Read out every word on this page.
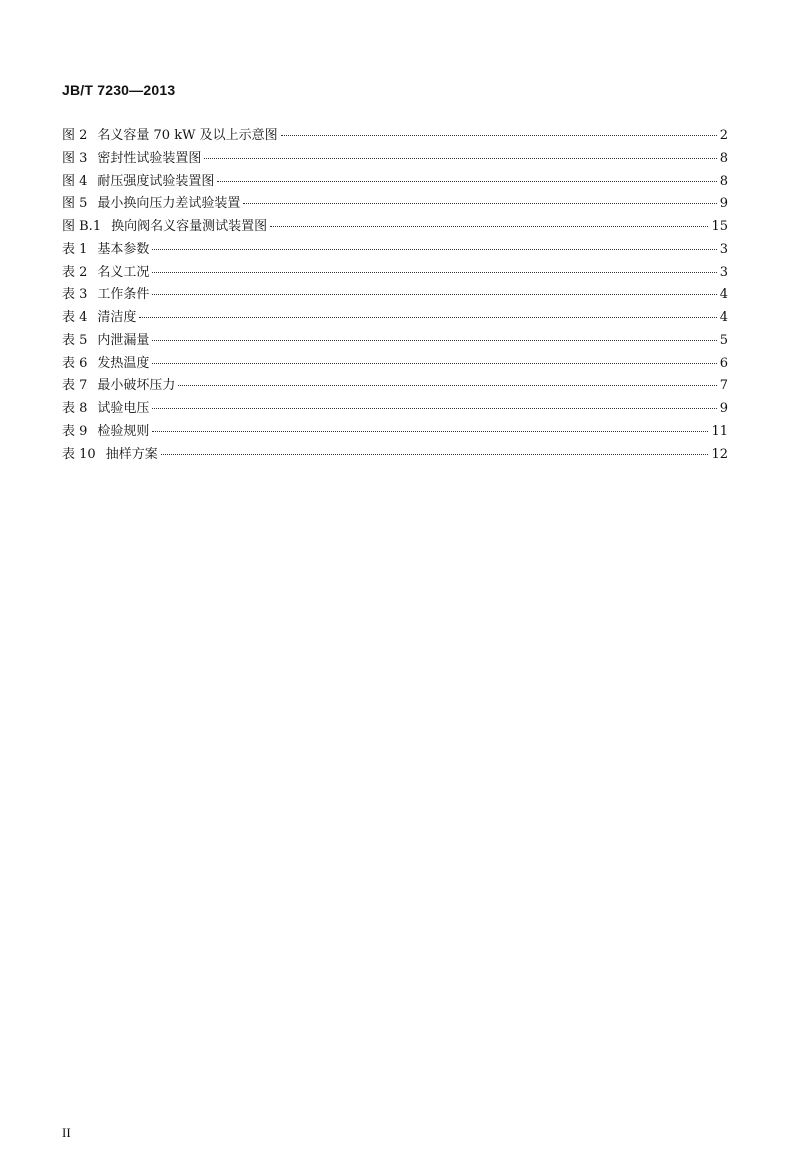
JB/T 7230—2013
图 2 名义容量 70 kW 及以上示意图	2
图 3 密封性试验装置图	8
图 4 耐压强度试验装置图	8
图 5 最小换向压力差试验装置	9
图 B.1 换向阀名义容量测试装置图	15
表 1 基本参数	3
表 2 名义工况	3
表 3 工作条件	4
表 4 清洁度	4
表 5 内泄漏量	5
表 6 发热温度	6
表 7 最小破坏压力	7
表 8 试验电压	9
表 9 检验规则	11
表 10 抽样方案	12
II
